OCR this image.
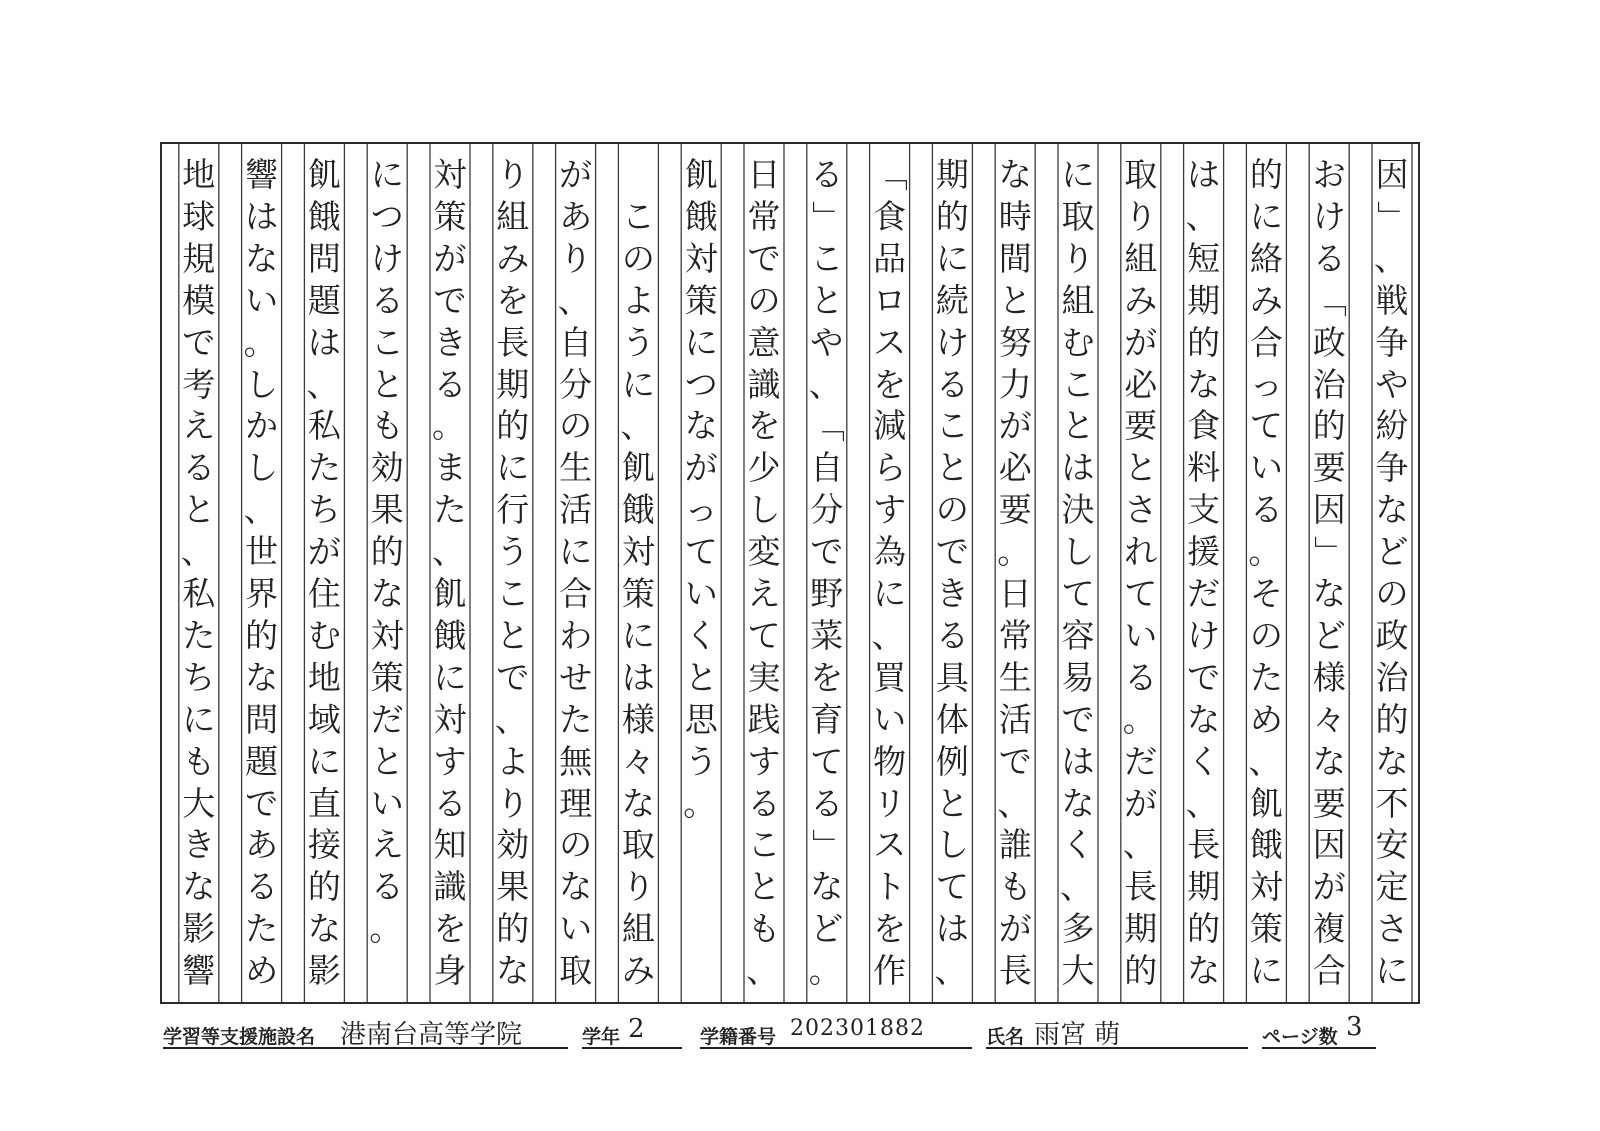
因
」
、
戦
争
や
紛
争
な
ど
の
政
治
的
な
不
安
定
さ
に
お
け
る
「
政
治
的
要
因
」
な
ど
様
々
な
要
因
が
複
合
的
に
絡
み
合
っ
て
い
る
。
そ
の
た
め
、
飢
餓
対
策
に
は
、
短
期
的
な
食
料
支
援
だ
け
で
な
く
、
長
期
的
な
取
り
組
み
が
必
要
と
さ
れ
て
い
る
。
だ
が
、
長
期
的
に
取
り
組
む
こ
と
は
決
し
て
容
易
で
は
な
く
、
多
大
な
時
間
と
努
力
が
必
要
。
日
常
生
活
で
、
誰
も
が
長
期
的
に
続
け
る
こ
と
の
で
き
る
具
体
例
と
し
て
は
、
「
食
品
ロ
ス
を
減
ら
す
為
に
、
買
い
物
リ
ス
ト
を
作
る
」
こ
と
や
、
「
自
分
で
野
菜
を
育
て
る
」
な
ど
。
日
常
で
の
意
識
を
少
し
変
え
て
実
践
す
る
こ
と
も
、
飢
餓
対
策
に
つ
な
が
っ
て
い
く
と
思
う
。

こ
の
よ
う
に
、
飢
餓
対
策
に
は
様
々
な
取
り
組
み
が
あ
り
、
自
分
の
生
活
に
合
わ
せ
た
無
理
の
な
い
取
り
組
み
を
長
期
的
に
行
う
こ
と
で
、
よ
り
効
果
的
な
対
策
が
で
き
る
。
ま
た
、
飢
餓
に
対
す
る
知
識
を
身
に
つ
け
る
こ
と
も
効
果
的
な
対
策
だ
と
い
え
る
。
飢
餓
問
題
は
、
私
た
ち
が
住
む
地
域
に
直
接
的
な
影
響
は
な
い
。
し
か
し
、
世
界
的
な
問
題
で
あ
る
た
め
地
球
規
模
で
考
え
る
と
、
私
た
ち
に
も
大
き
な
影
響
学習等支援施設名 港南台高等学院	学年 2	学籍番号 202301882	氏名 雨宮 萌	ページ数 3
